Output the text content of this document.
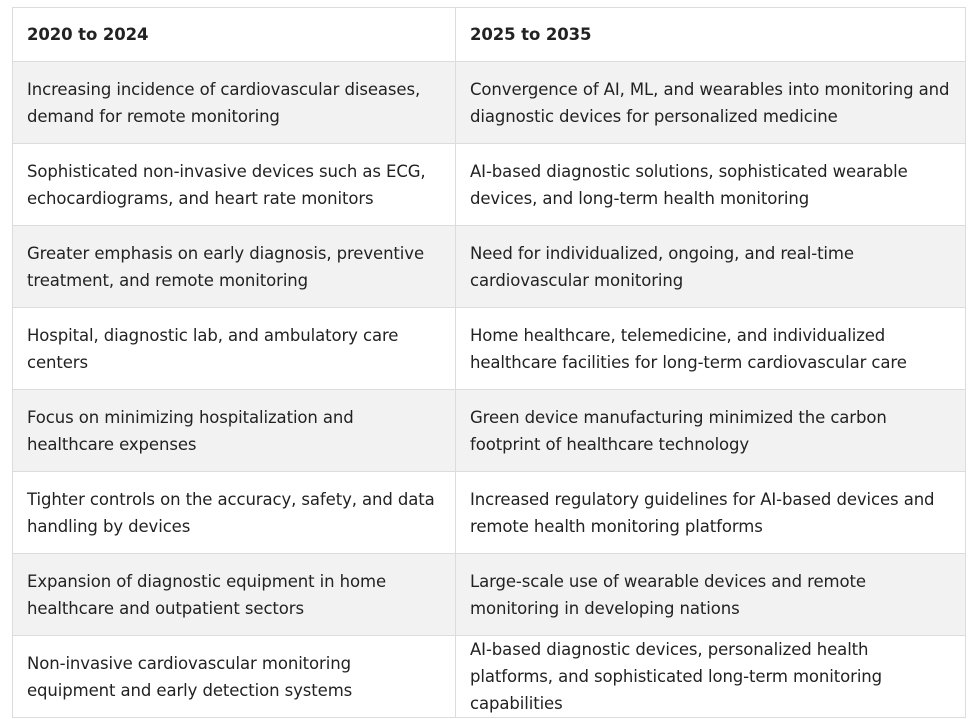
2020 to 2024	2025 to 2035
Increasing incidence of cardiovascular diseases, demand for remote monitoring	Convergence of AI, ML, and wearables into monitoring and diagnostic devices for personalized medicine
Sophisticated non-invasive devices such as ECG, echocardiograms, and heart rate monitors	AI-based diagnostic solutions, sophisticated wearable devices, and long-term health monitoring
Greater emphasis on early diagnosis, preventive treatment, and remote monitoring	Need for individualized, ongoing, and real-time cardiovascular monitoring
Hospital, diagnostic lab, and ambulatory care centers	Home healthcare, telemedicine, and individualized healthcare facilities for long-term cardiovascular care
Focus on minimizing hospitalization and healthcare expenses	Green device manufacturing minimized the carbon footprint of healthcare technology
Tighter controls on the accuracy, safety, and data handling by devices	Increased regulatory guidelines for AI-based devices and remote health monitoring platforms
Expansion of diagnostic equipment in home healthcare and outpatient sectors	Large-scale use of wearable devices and remote monitoring in developing nations
Non-invasive cardiovascular monitoring equipment and early detection systems	AI-based diagnostic devices, personalized health platforms, and sophisticated long-term monitoring capabilities
